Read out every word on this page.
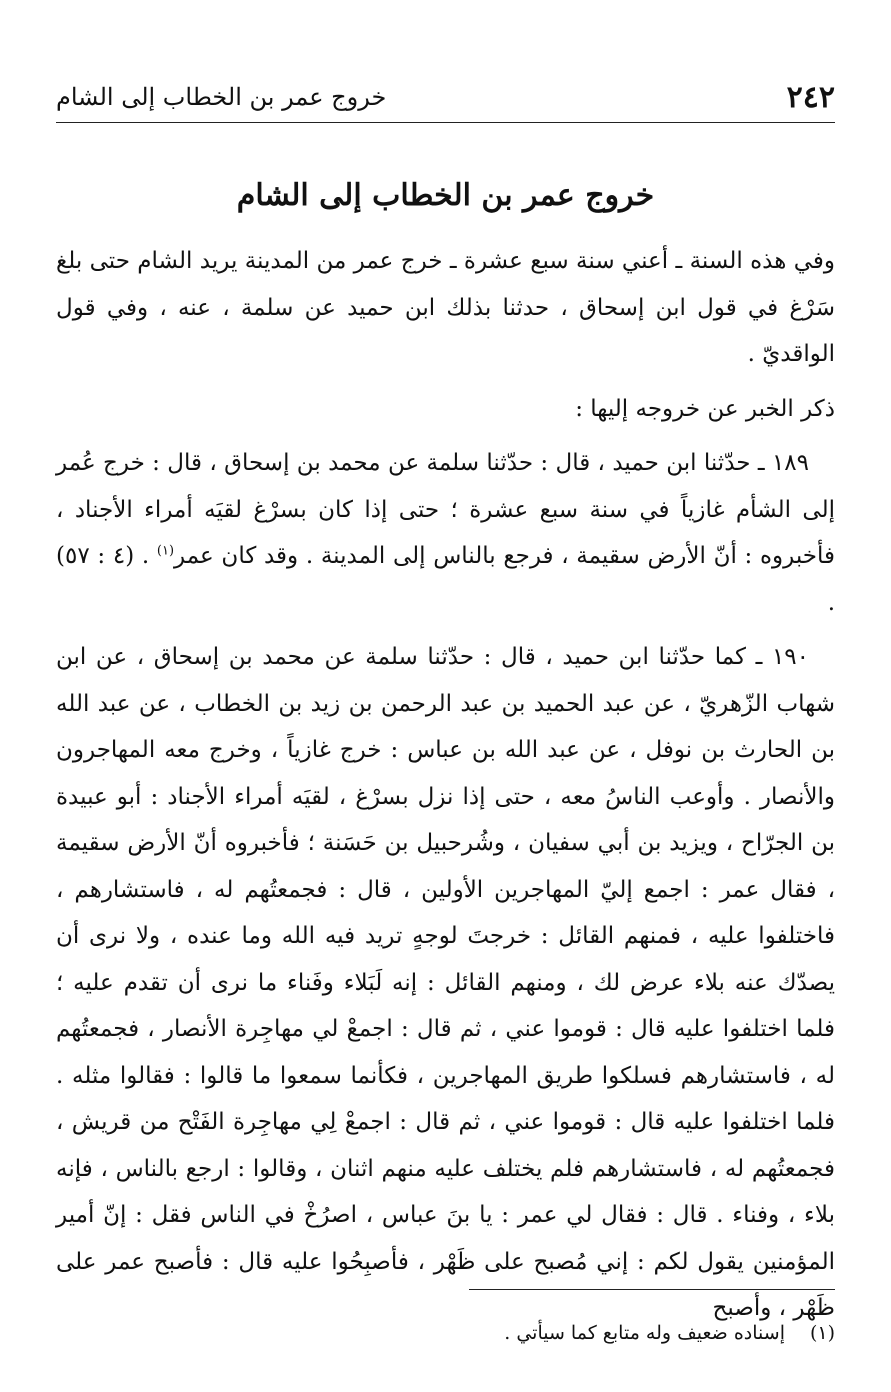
٢٤٢
خروج عمر بن الخطاب إلى الشام
خروج عمر بن الخطاب إلى الشام

وفي هذه السنة ـ أعني سنة سبع عشرة ـ خرج عمر من المدينة يريد الشام حتى بلغ سَرْغ في قول ابن إسحاق ، حدثنا بذلك ابن حميد عن سلمة ، عنه ، وفي قول الواقديّ .

ذكر الخبر عن خروجه إليها :

١٨٩ ـ حدّثنا ابن حميد ، قال : حدّثنا سلمة عن محمد بن إسحاق ، قال : خرج عُمر إلى الشأم غازياً في سنة سبع عشرة ؛ حتى إذا كان بسرْغ لقيَه أمراء الأجناد ، فأخبروه : أنّ الأرض سقيمة ، فرجع بالناس إلى المدينة . وقد كان عمر$^{(١)}$ . (٤ : ٥٧) .

١٩٠ ـ كما حدّثنا ابن حميد ، قال : حدّثنا سلمة عن محمد بن إسحاق ، عن ابن شهاب الزّهريّ ، عن عبد الحميد بن عبد الرحمن بن زيد بن الخطاب ، عن عبد الله بن الحارث بن نوفل ، عن عبد الله بن عباس : خرج غازياً ، وخرج معه المهاجرون والأنصار . وأوعب الناسُ معه ، حتى إذا نزل بسرْغ ، لقيَه أمراء الأجناد : أبو عبيدة بن الجرّاح ، ويزيد بن أبي سفيان ، وشُرحبيل بن حَسَنة ؛ فأخبروه أنّ الأرض سقيمة ، فقال عمر : اجمع إليّ المهاجرين الأولين ، قال : فجمعتُهم له ، فاستشارهم ، فاختلفوا عليه ، فمنهم القائل : خرجتَ لوجهٍ تريد فيه الله وما عنده ، ولا نرى أن يصدّك عنه بلاء عرض لك ، ومنهم القائل : إنه لَبَلاء وفَناء ما نرى أن تقدم عليه ؛ فلما اختلفوا عليه قال : قوموا عني ، ثم قال : اجمعْ لي مهاجِرة الأنصار ، فجمعتُهم له ، فاستشارهم فسلكوا طريق المهاجرين ، فكأنما سمعوا ما قالوا : فقالوا مثله . فلما اختلفوا عليه قال : قوموا عني ، ثم قال : اجمعْ لِي مهاجِرة الفَتْح من قريش ، فجمعتُهم له ، فاستشارهم فلم يختلف عليه منهم اثنان ، وقالوا : ارجع بالناس ، فإنه بلاء ، وفناء . قال : فقال لي عمر : يا بنَ عباس ، اصرُخْ في الناس فقل : إنّ أمير المؤمنين يقول لكم : إني مُصبح على ظَهْر ، فأصبِحُوا عليه قال : فأصبح عمر على ظَهْر ، وأصبح

(١)إسناده ضعيف وله متابع كما سيأتي .
